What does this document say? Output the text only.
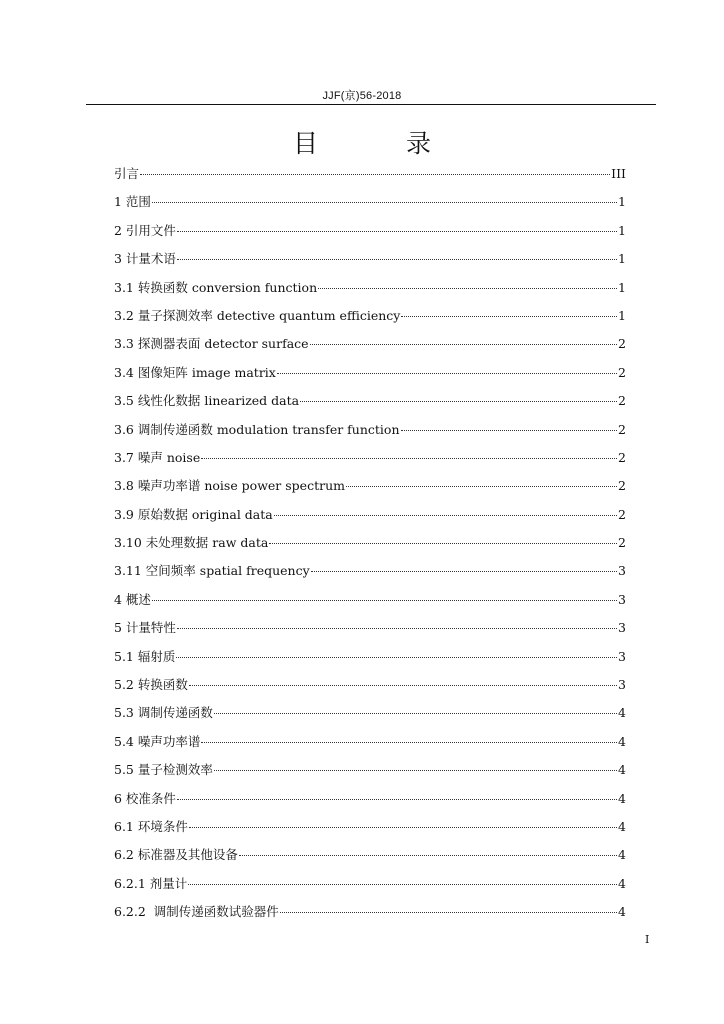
JJF(京)56-2018
目 录
引言	III
1 范围	1
2 引用文件	1
3 计量术语	1
3.1 转换函数 conversion function	1
3.2 量子探测效率 detective quantum efficiency	1
3.3 探测器表面 detector surface	2
3.4 图像矩阵 image matrix	2
3.5 线性化数据 linearized data	2
3.6 调制传递函数 modulation transfer function	2
3.7 噪声 noise	2
3.8 噪声功率谱 noise power spectrum	2
3.9 原始数据 original data	2
3.10 未处理数据 raw data	2
3.11 空间频率 spatial frequency	3
4 概述	3
5 计量特性	3
5.1 辐射质	3
5.2 转换函数	3
5.3 调制传递函数	4
5.4 噪声功率谱	4
5.5 量子检测效率	4
6 校准条件	4
6.1 环境条件	4
6.2 标准器及其他设备	4
6.2.1 剂量计	4
6.2.2  调制传递函数试验器件	4
I
